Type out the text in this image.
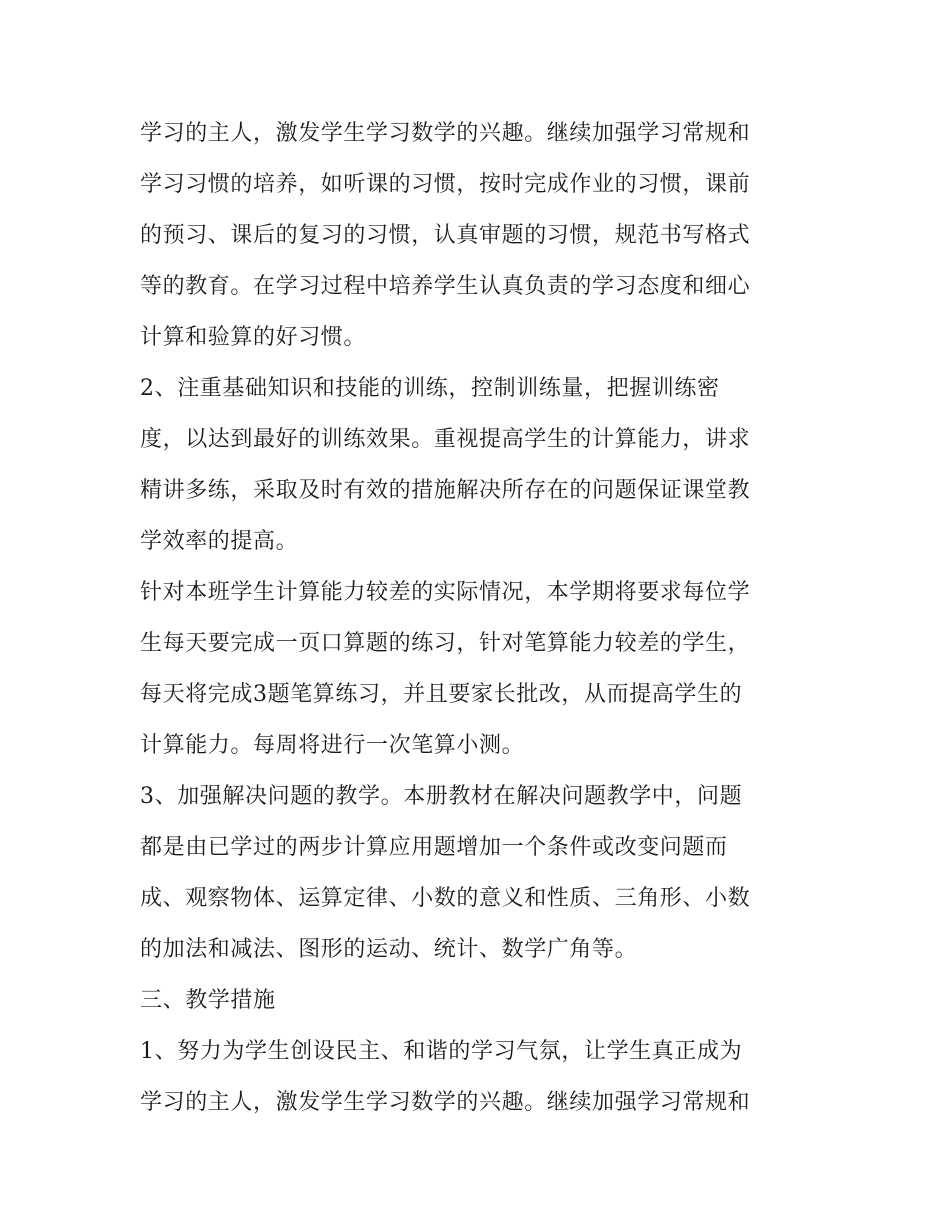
学习的主人，激发学生学习数学的兴趣。继续加强学习常规和
学习习惯的培养，如听课的习惯，按时完成作业的习惯，课前
的预习、课后的复习的习惯，认真审题的习惯，规范书写格式
等的教育。在学习过程中培养学生认真负责的学习态度和细心
计算和验算的好习惯。
2、注重基础知识和技能的训练，控制训练量，把握训练密
度，以达到最好的训练效果。重视提高学生的计算能力，讲求
精讲多练，采取及时有效的措施解决所存在的问题保证课堂教
学效率的提高。
针对本班学生计算能力较差的实际情况，本学期将要求每位学
生每天要完成一页口算题的练习，针对笔算能力较差的学生，
每天将完成3题笔算练习，并且要家长批改，从而提高学生的
计算能力。每周将进行一次笔算小测。
3、加强解决问题的教学。本册教材在解决问题教学中，问题
都是由已学过的两步计算应用题增加一个条件或改变问题而
成、观察物体、运算定律、小数的意义和性质、三角形、小数
的加法和减法、图形的运动、统计、数学广角等。
三、教学措施
1、努力为学生创设民主、和谐的学习气氛，让学生真正成为
学习的主人，激发学生学习数学的兴趣。继续加强学习常规和
